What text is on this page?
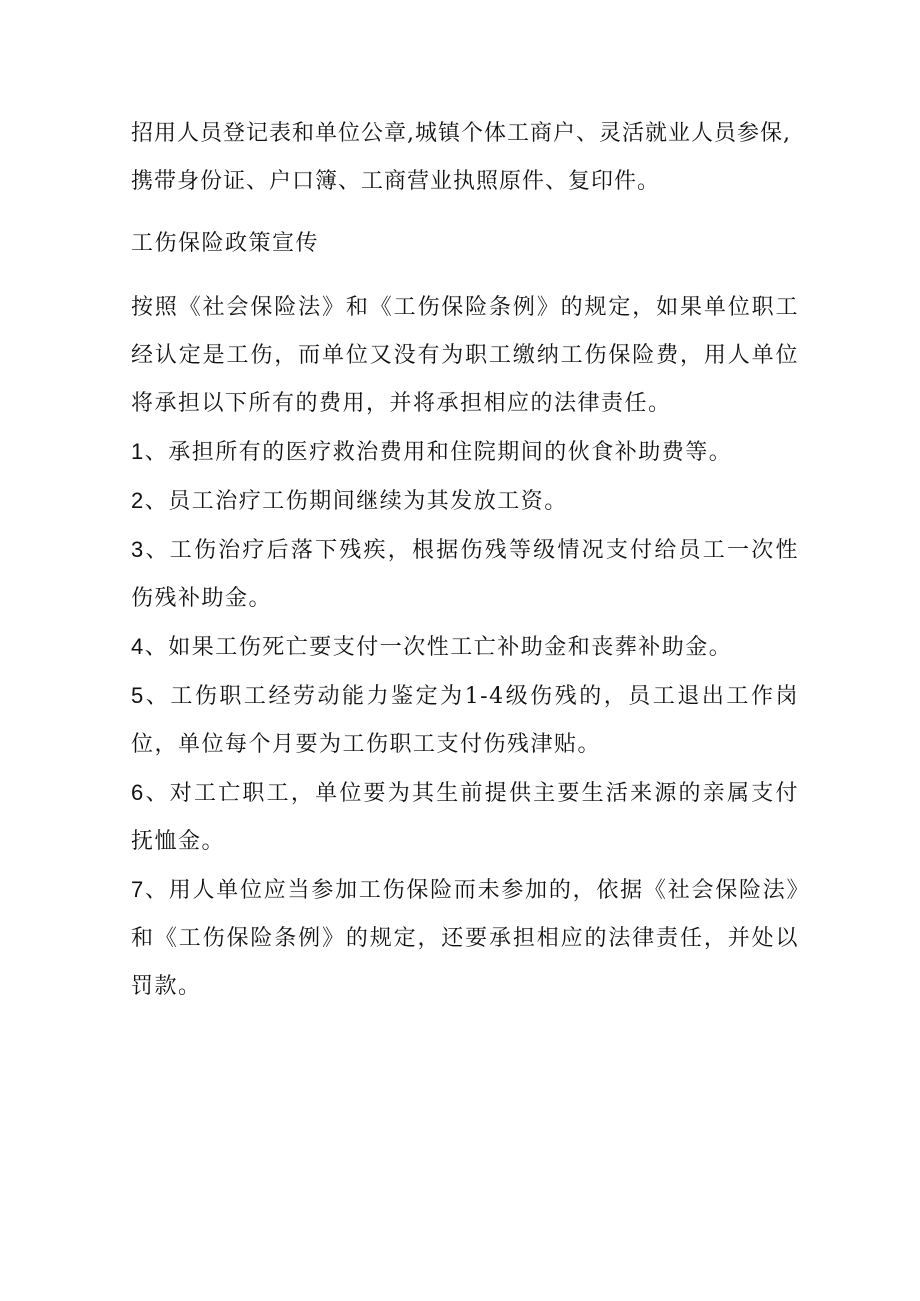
招用人员登记表和单位公章,城镇个体工商户、灵活就业人员参保,

携带身份证、户口簿、工商营业执照原件、复印件。

工伤保险政策宣传

按照《社会保险法》和《工伤保险条例》的规定，如果单位职工经认定是工伤，而单位又没有为职工缴纳工伤保险费，用人单位将承担以下所有的费用，并将承担相应的法律责任。

1、承担所有的医疗救治费用和住院期间的伙食补助费等。

2、员工治疗工伤期间继续为其发放工资。

3、工伤治疗后落下残疾，根据伤残等级情况支付给员工一次性伤残补助金。

4、如果工伤死亡要支付一次性工亡补助金和丧葬补助金。

5、工伤职工经劳动能力鉴定为1-4级伤残的，员工退出工作岗位，单位每个月要为工伤职工支付伤残津贴。

6、对工亡职工，单位要为其生前提供主要生活来源的亲属支付抚恤金。

7、用人单位应当参加工伤保险而未参加的，依据《社会保险法》和《工伤保险条例》的规定，还要承担相应的法律责任，并处以罚款。
